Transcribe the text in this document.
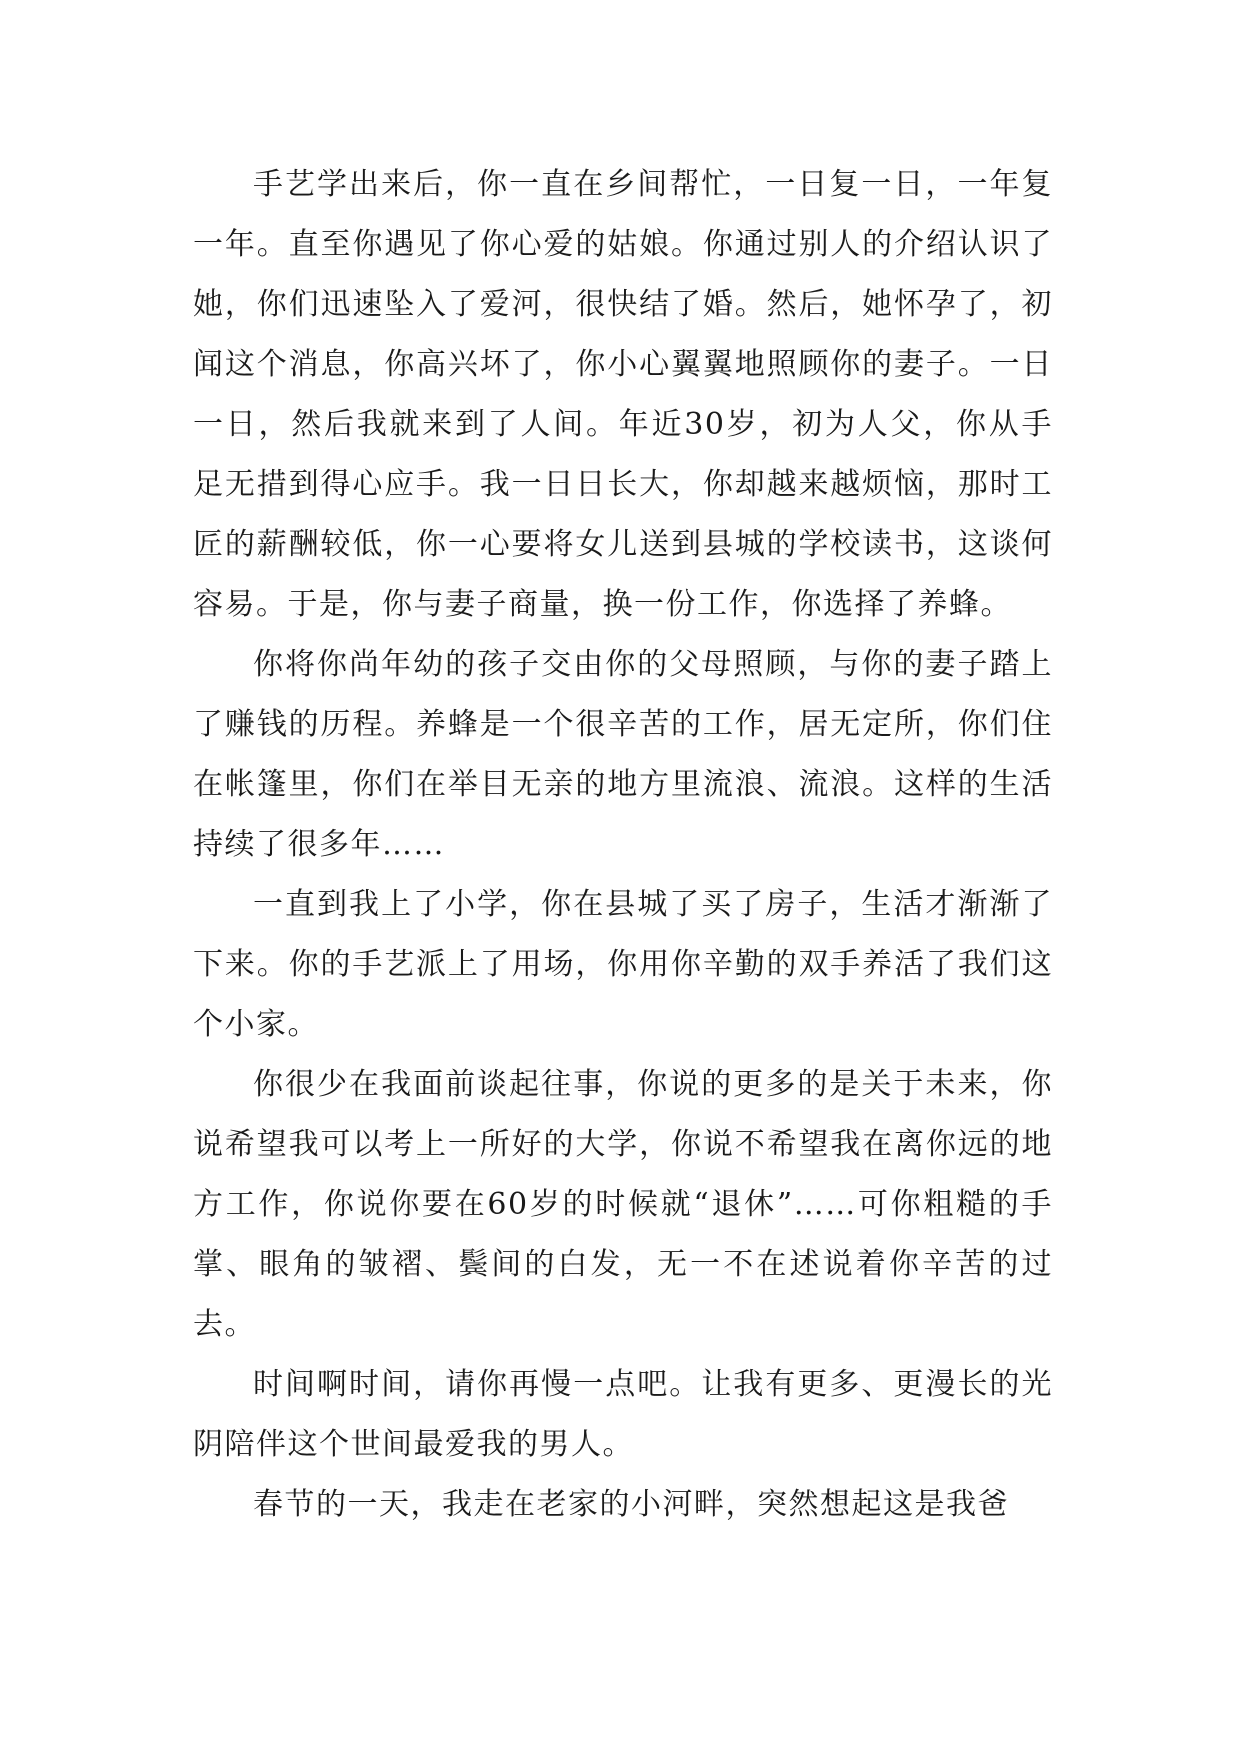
手艺学出来后，你一直在乡间帮忙，一日复一日，一年复一年。直至你遇见了你心爱的姑娘。你通过别人的介绍认识了她，你们迅速坠入了爱河，很快结了婚。然后，她怀孕了，初闻这个消息，你高兴坏了，你小心翼翼地照顾你的妻子。一日一日，然后我就来到了人间。年近30岁，初为人父，你从手足无措到得心应手。我一日日长大，你却越来越烦恼，那时工匠的薪酬较低，你一心要将女儿送到县城的学校读书，这谈何容易。于是，你与妻子商量，换一份工作，你选择了养蜂。

你将你尚年幼的孩子交由你的父母照顾，与你的妻子踏上了赚钱的历程。养蜂是一个很辛苦的工作，居无定所，你们住在帐篷里，你们在举目无亲的地方里流浪、流浪。这样的生活持续了很多年……

一直到我上了小学，你在县城了买了房子，生活才渐渐了下来。你的手艺派上了用场，你用你辛勤的双手养活了我们这个小家。

你很少在我面前谈起往事，你说的更多的是关于未来，你说希望我可以考上一所好的大学，你说不希望我在离你远的地方工作，你说你要在60岁的时候就“退休”……可你粗糙的手掌、眼角的皱褶、鬓间的白发，无一不在述说着你辛苦的过去。

时间啊时间，请你再慢一点吧。让我有更多、更漫长的光阴陪伴这个世间最爱我的男人。

春节的一天，我走在老家的小河畔，突然想起这是我爸
